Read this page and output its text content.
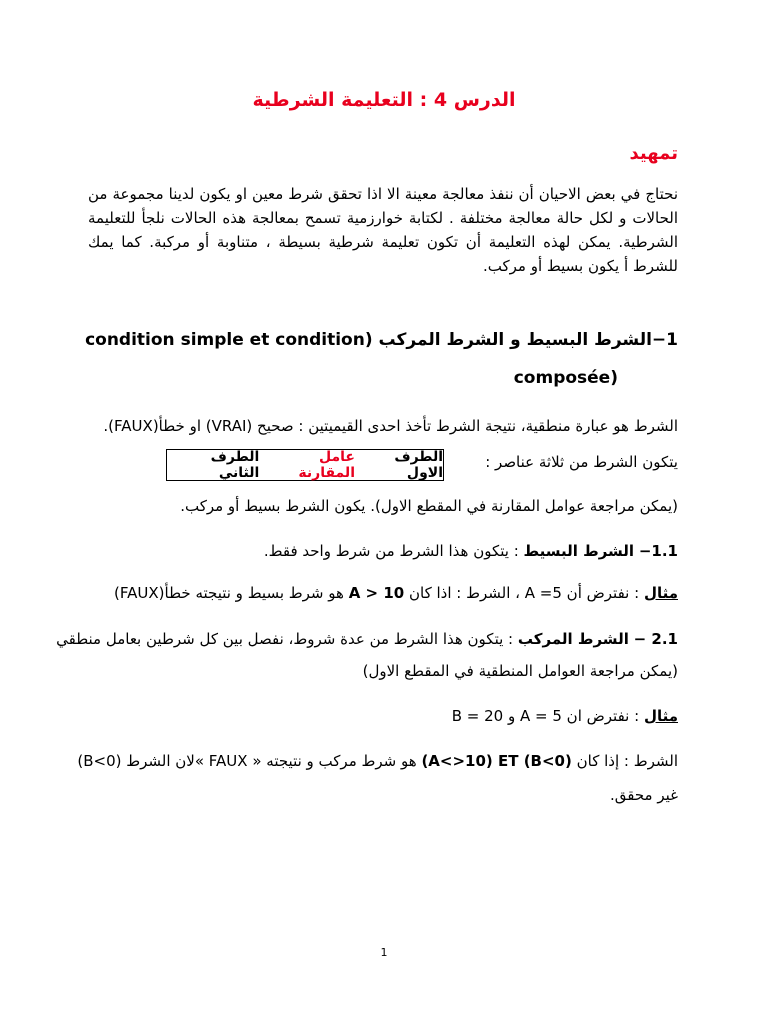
الدرس 4 : التعليمة الشرطية
تمهيد
نحتاج في بعض الاحيان أن ننفذ معالجة معينة الا اذا تحقق شرط معين او يكون لدينا مجموعة من الحالات و لكل حالة معالجة مختلفة . لكتابة خوارزمية تسمح بمعالجة هذه الحالات نلجأ للتعليمة الشرطية. يمكن لهذه التعليمة أن تكون تعليمة شرطية بسيطة ، متناوبة أو مركبة. كما يمك للشرط أ يكون بسيط أو مركب.
1−الشرط البسيط و الشرط المركب (condition simple et condition
composée)
الشرط هو عبارة منطقية، نتيجة الشرط تأخذ احدى القيميتين : صحيح (VRAI) او خطأ(FAUX).
يتكون الشرط من ثلاثة عناصر :
الطرف الاول
عامل المقارنة
الطرف الثاني
(يمكن مراجعة عوامل المقارنة في المقطع الاول). يكون الشرط بسيط أو مركب.
1.1− الشرط البسيط : يتكون هذا الشرط من شرط واحد فقط.
مثال : نفترض أن A =5 ، الشرط : اذا كان A > 10 هو شرط بسيط و نتيجته خطأ(FAUX)
2.1 − الشرط المركب : يتكون هذا الشرط من عدة شروط، نفصل بين كل شرطين بعامل منطقي
(يمكن مراجعة العوامل المنطقية في المقطع الاول)
مثال : نفترض ان A = 5 و B = 20
الشرط : إذا كان (A<>10) ET (B<0) هو شرط مركب و نتيجته « FAUX »لان الشرط (B<0)
غير محقق.
1
